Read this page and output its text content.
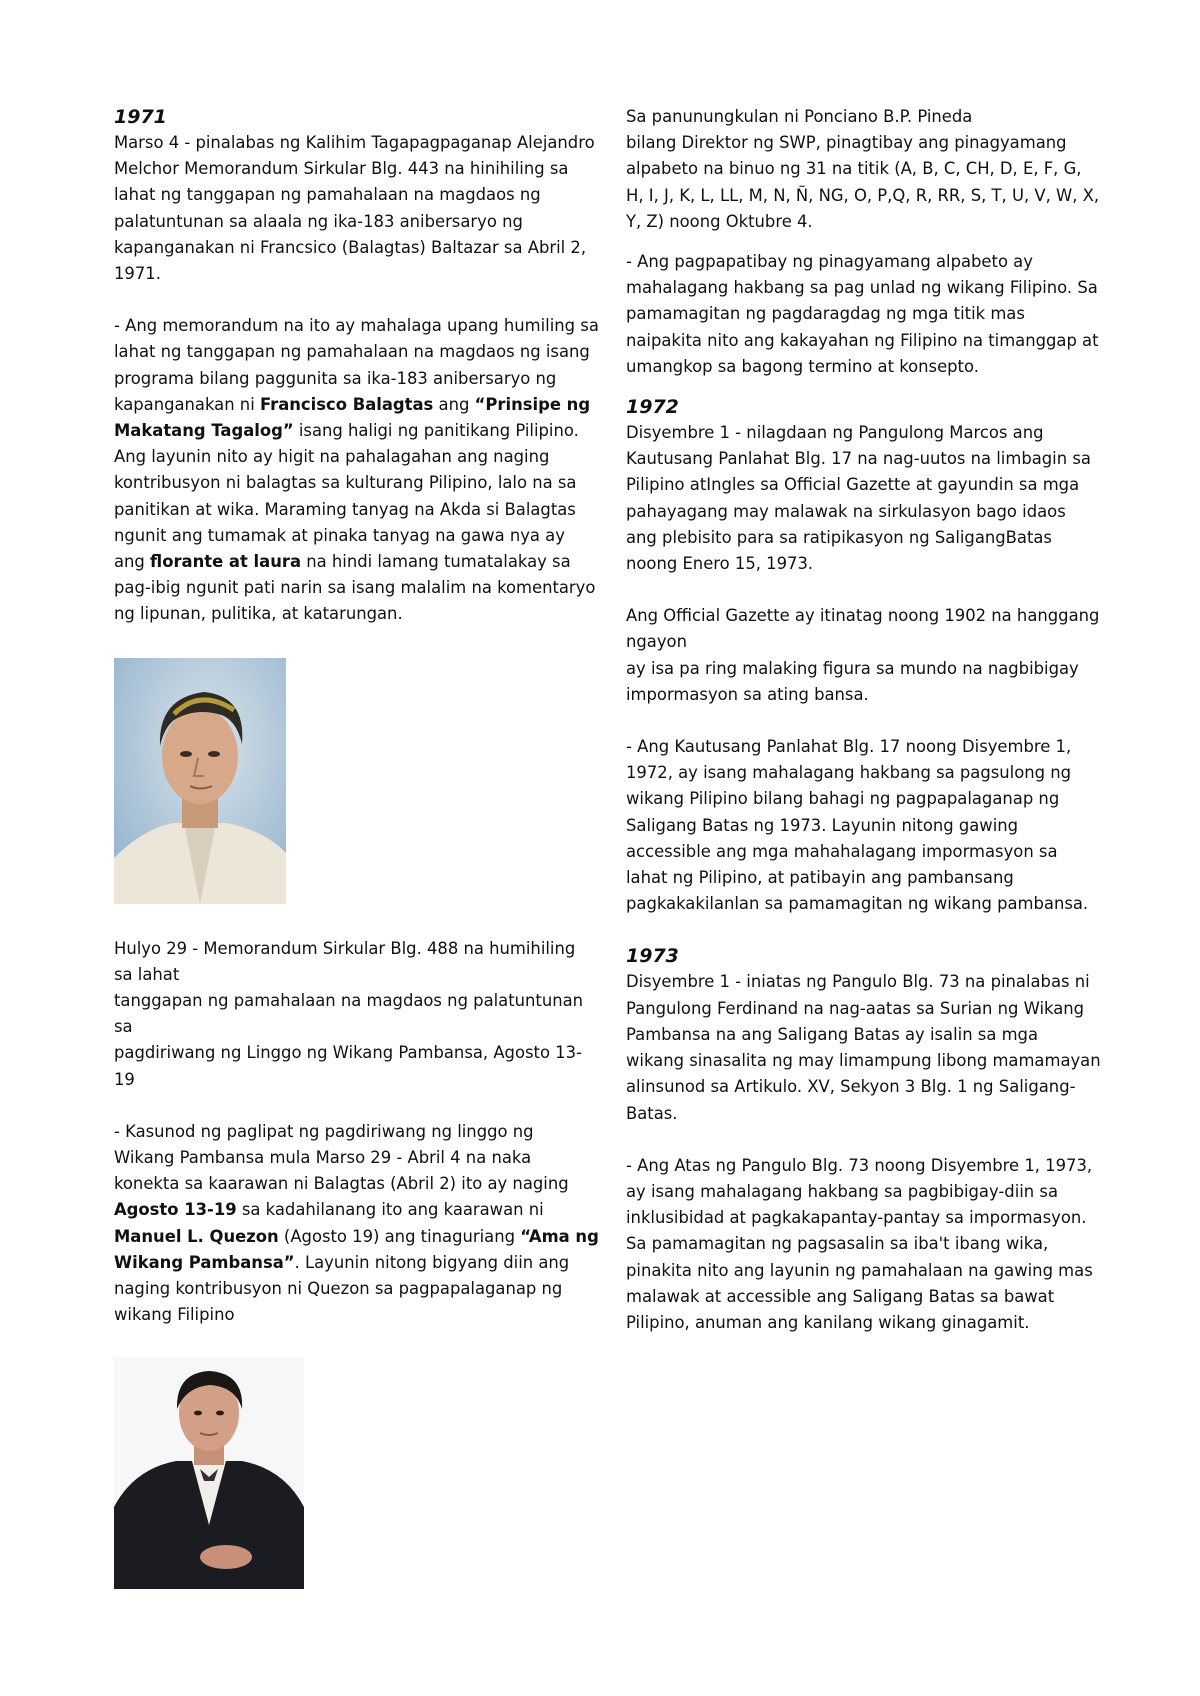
1971

Marso 4 - pinalabas ng Kalihim Tagapagpaganap Alejandro Melchor Memorandum Sirkular Blg. 443 na hinihiling sa lahat ng tanggapan ng pamahalaan na magdaos ng palatuntunan sa alaala ng ika-183 anibersaryo ng kapanganakan ni Francsico (Balagtas) Baltazar sa Abril 2, 1971.

- Ang memorandum na ito ay mahalaga upang humiling sa lahat ng tanggapan ng pamahalaan na magdaos ng isang programa bilang paggunita sa ika-183 anibersaryo ng kapanganakan ni Francisco Balagtas ang “Prinsipe ng Makatang Tagalog” isang haligi ng panitikang Pilipino. Ang layunin nito ay higit na pahalagahan ang naging kontribusyon ni balagtas sa kulturang Pilipino, lalo na sa panitikan at wika. Maraming tanyag na Akda si Balagtas ngunit ang tumamak at pinaka tanyag na gawa nya ay ang florante at laura na hindi lamang tumatalakay sa pag-ibig ngunit pati narin sa isang malalim na komentaryo ng lipunan, pulitika, at katarungan.

Hulyo 29 - Memorandum Sirkular Blg. 488 na humihiling sa lahat

tanggapan ng pamahalaan na magdaos ng palatuntunan sa

pagdiriwang ng Linggo ng Wikang Pambansa, Agosto 13-19

- Kasunod ng paglipat ng pagdiriwang ng linggo ng Wikang Pambansa mula Marso 29 - Abril 4 na naka konekta sa kaarawan ni Balagtas (Abril 2) ito ay naging Agosto 13-19 sa kadahilanang ito ang kaarawan ni Manuel L. Quezon (Agosto 19) ang tinaguriang “Ama ng Wikang Pambansa”. Layunin nitong bigyang diin ang naging kontribusyon ni Quezon sa pagpapalaganap ng wikang Filipino

Sa panunungkulan ni Ponciano B.P. Pineda

bilang Direktor ng SWP, pinagtibay ang pinagyamang alpabeto na binuo ng 31 na titik (A, B, C, CH, D, E, F, G, H, I, J, K, L, LL, M, N, Ñ, NG, O, P,Q, R, RR, S, T, U, V, W, X, Y, Z) noong Oktubre 4.

- Ang pagpapatibay ng pinagyamang alpabeto ay mahalagang hakbang sa pag unlad ng wikang Filipino. Sa pamamagitan ng pagdaragdag ng mga titik mas naipakita nito ang kakayahan ng Filipino na timanggap at umangkop sa bagong termino at konsepto.

1972

Disyembre 1 - nilagdaan ng Pangulong Marcos ang Kautusang Panlahat Blg. 17 na nag-uutos na limbagin sa Pilipino atIngles sa Official Gazette at gayundin sa mga pahayagang may malawak na sirkulasyon bago idaos ang plebisito para sa ratipikasyon ng SaligangBatas noong Enero 15, 1973.

Ang Official Gazette ay itinatag noong 1902 na hanggang ngayon

ay isa pa ring malaking figura sa mundo na nagbibigay impormasyon sa ating bansa.

- Ang Kautusang Panlahat Blg. 17 noong Disyembre 1, 1972, ay isang mahalagang hakbang sa pagsulong ng wikang Pilipino bilang bahagi ng pagpapalaganap ng Saligang Batas ng 1973. Layunin nitong gawing accessible ang mga mahahalagang impormasyon sa lahat ng Pilipino, at patibayin ang pambansang pagkakakilanlan sa pamamagitan ng wikang pambansa.

1973

Disyembre 1 - iniatas ng Pangulo Blg. 73 na pinalabas ni Pangulong Ferdinand na nag-aatas sa Surian ng Wikang Pambansa na ang Saligang Batas ay isalin sa mga wikang sinasalita ng may limampung libong mamamayan alinsunod sa Artikulo. XV, Sekyon 3 Blg. 1 ng Saligang-Batas.

- Ang Atas ng Pangulo Blg. 73 noong Disyembre 1, 1973, ay isang mahalagang hakbang sa pagbibigay-diin sa inklusibidad at pagkakapantay-pantay sa impormasyon. Sa pamamagitan ng pagsasalin sa iba't ibang wika, pinakita nito ang layunin ng pamahalaan na gawing mas malawak at accessible ang Saligang Batas sa bawat Pilipino, anuman ang kanilang wikang ginagamit.
